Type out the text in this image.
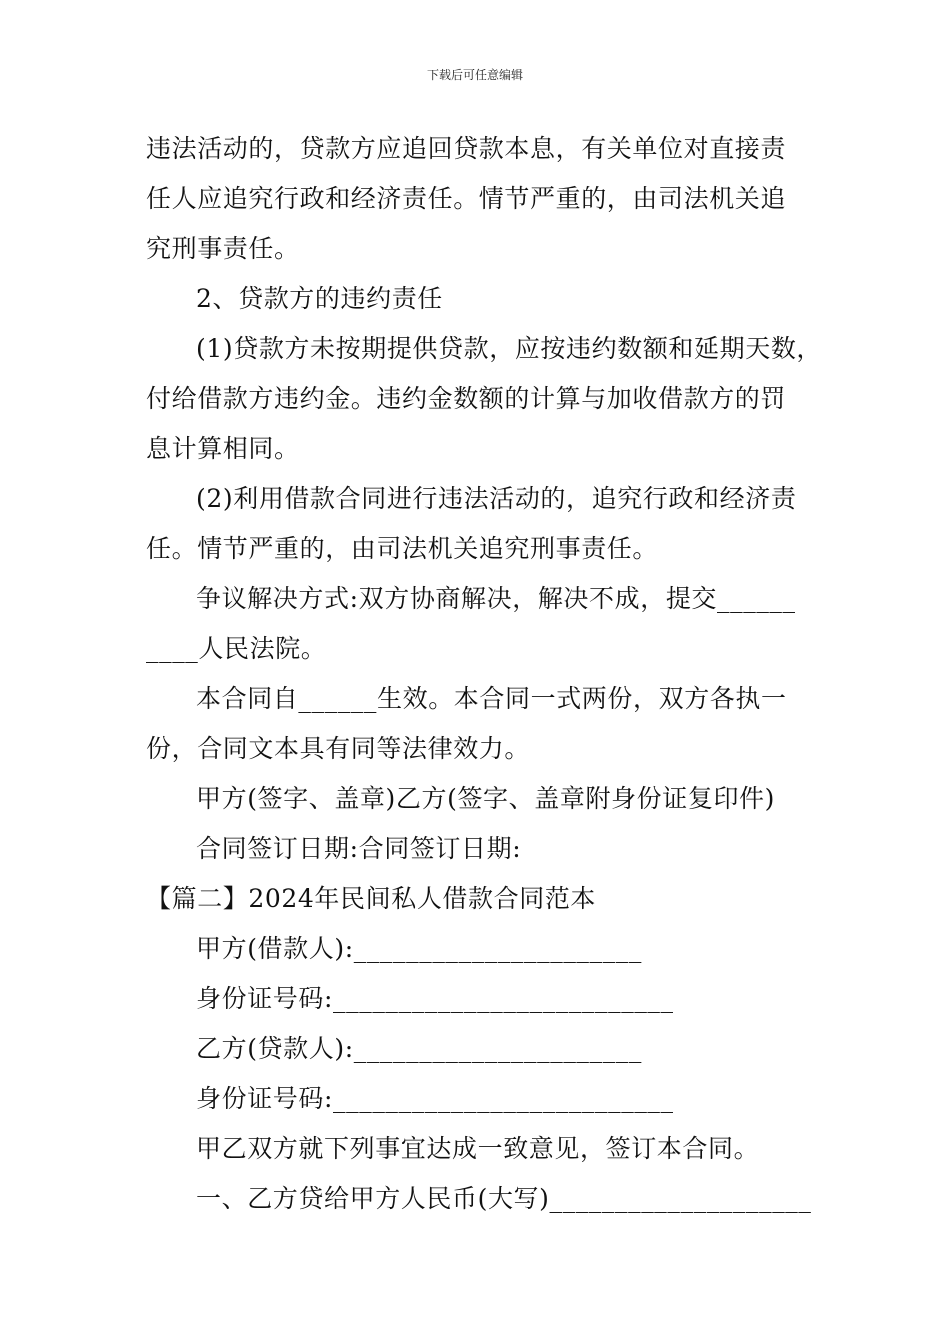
下载后可任意编辑
违法活动的，贷款方应追回贷款本息，有关单位对直接责
任人应追究行政和经济责任。情节严重的，由司法机关追
究刑事责任。
2、贷款方的违约责任
(1)贷款方未按期提供贷款，应按违约数额和延期天数，
付给借款方违约金。违约金数额的计算与加收借款方的罚
息计算相同。
(2)利用借款合同进行违法活动的，追究行政和经济责
任。情节严重的，由司法机关追究刑事责任。
争议解决方式:双方协商解决，解决不成，提交______
____人民法院。
本合同自______生效。本合同一式两份，双方各执一
份，合同文本具有同等法律效力。
甲方(签字、盖章)乙方(签字、盖章附身份证复印件)
合同签订日期:合同签订日期:
【篇二】2024年民间私人借款合同范本
甲方(借款人):______________________
身份证号码:__________________________
乙方(贷款人):______________________
身份证号码:__________________________
甲乙双方就下列事宜达成一致意见，签订本合同。
一、乙方贷给甲方人民币(大写)____________________
